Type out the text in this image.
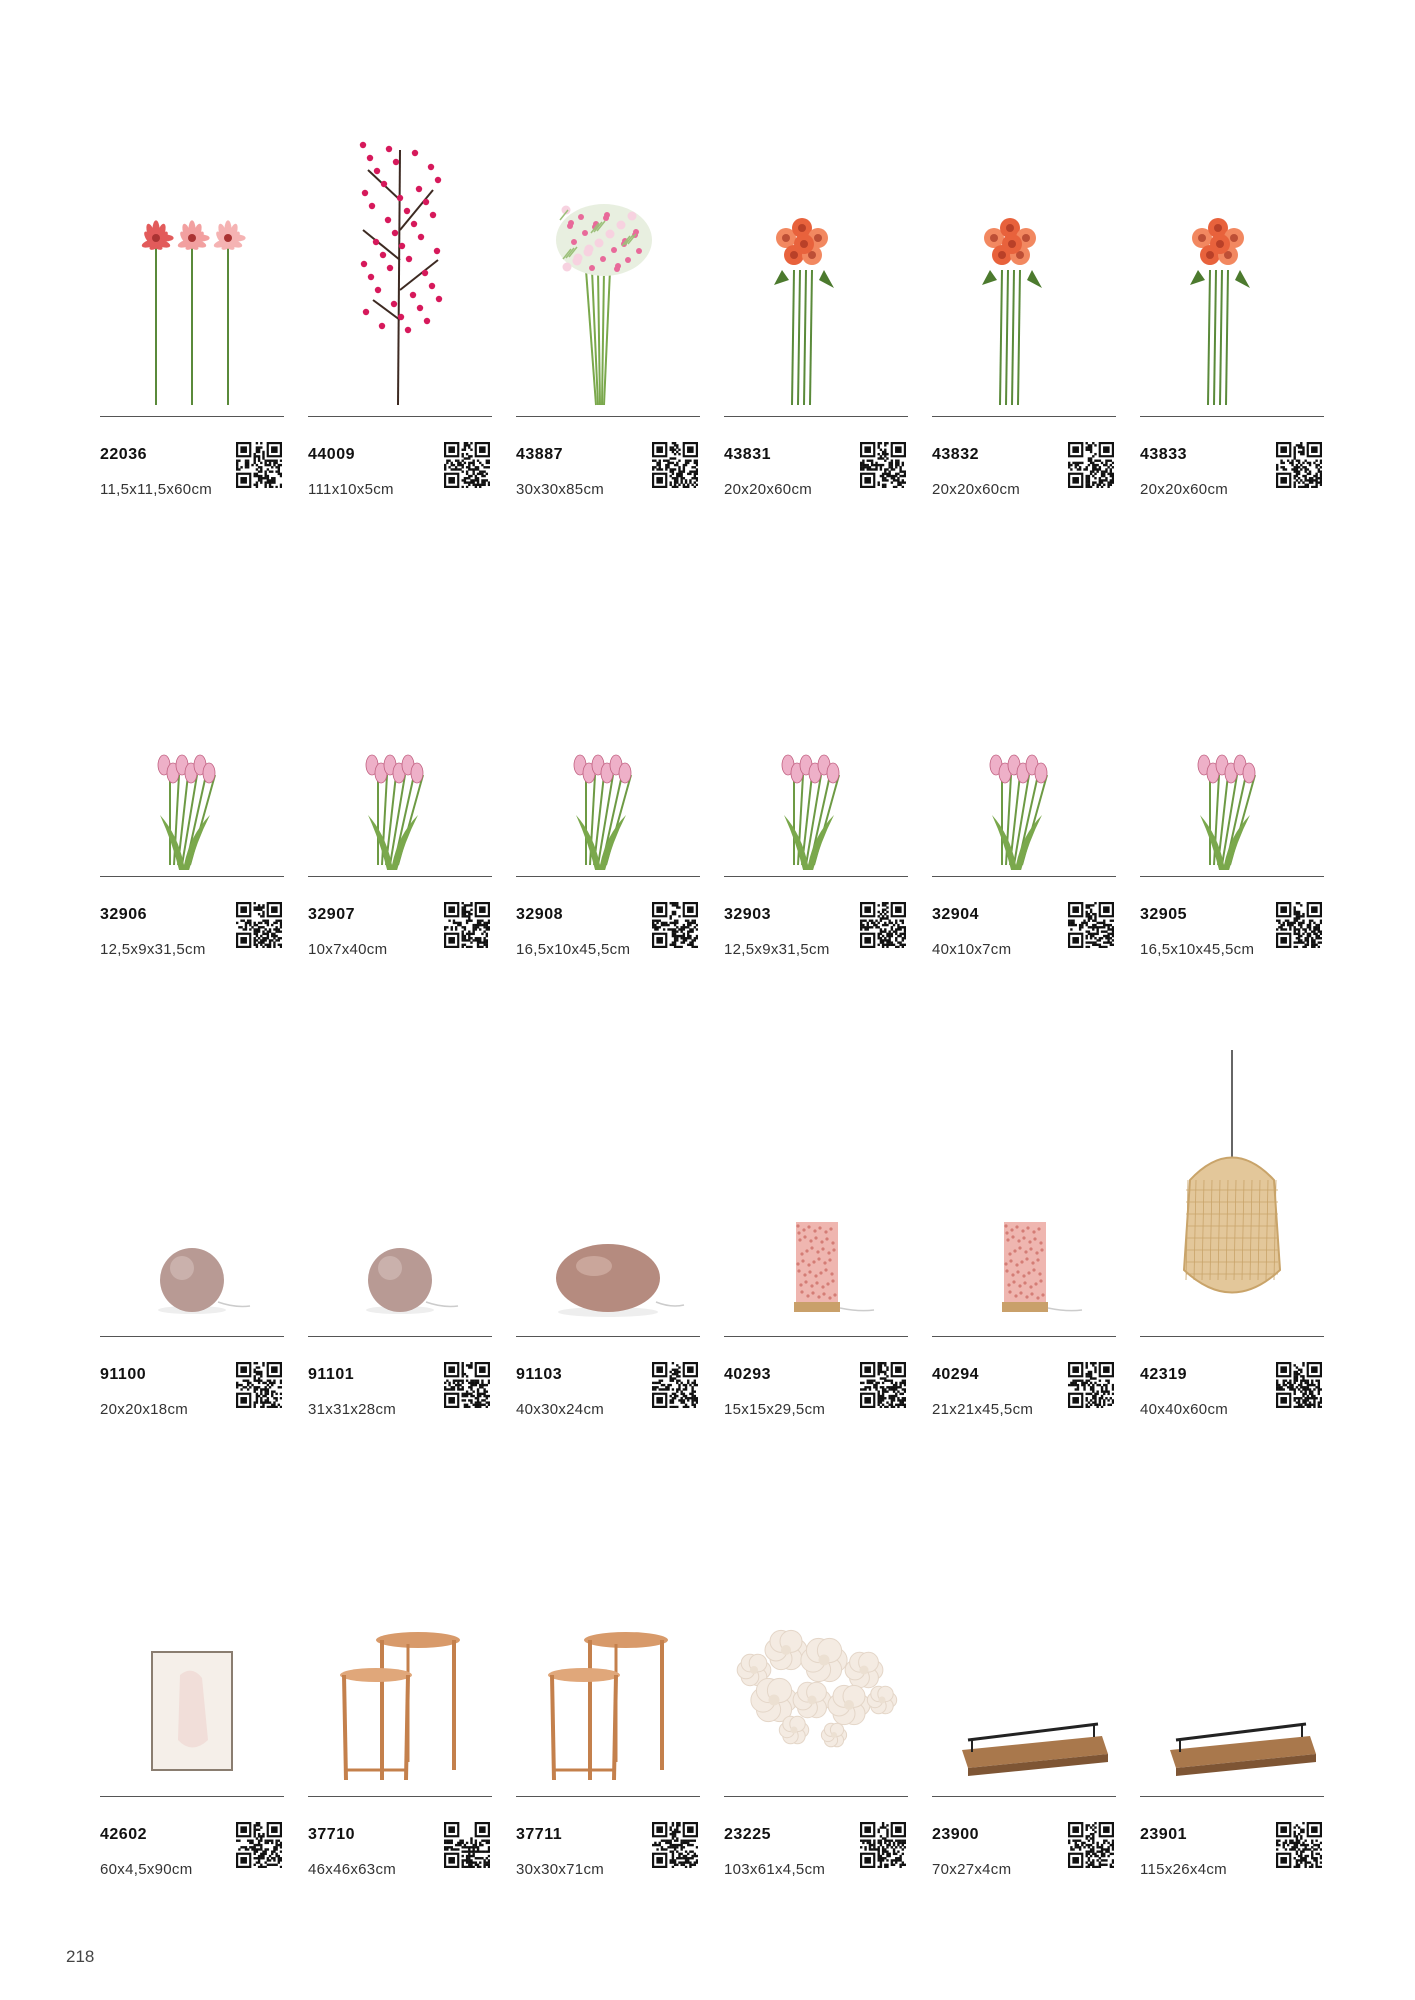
22036
11,5x11,5x60cm
44009
111x10x5cm
43887
30x30x85cm
43831
20x20x60cm
43832
20x20x60cm
43833
20x20x60cm
32906
12,5x9x31,5cm
32907
10x7x40cm
32908
16,5x10x45,5cm
32903
12,5x9x31,5cm
32904
40x10x7cm
32905
16,5x10x45,5cm
91100
20x20x18cm
91101
31x31x28cm
91103
40x30x24cm
40293
15x15x29,5cm
40294
21x21x45,5cm
42319
40x40x60cm
42602
60x4,5x90cm
37710
46x46x63cm
37711
30x30x71cm
23225
103x61x4,5cm
23900
70x27x4cm
23901
115x26x4cm
218
